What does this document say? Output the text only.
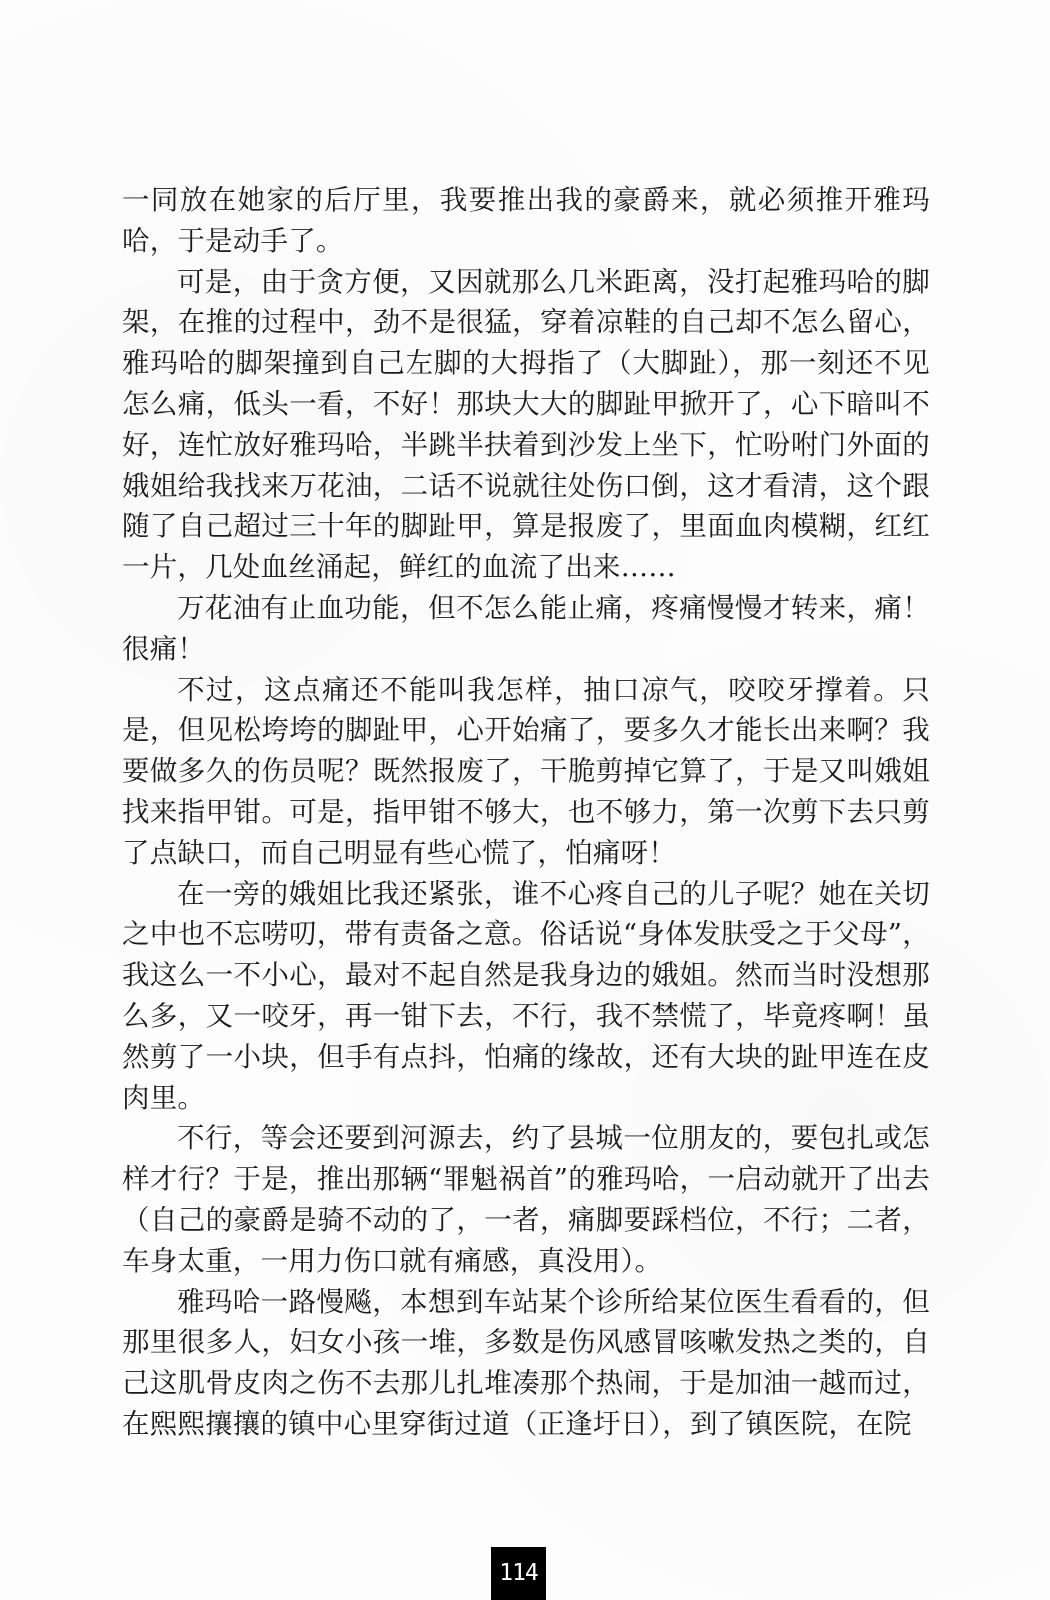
一同放在她家的后厅里，我要推出我的豪爵来，就必须推开雅玛哈，于是动手了。

可是，由于贪方便，又因就那么几米距离，没打起雅玛哈的脚架，在推的过程中，劲不是很猛，穿着凉鞋的自己却不怎么留心，雅玛哈的脚架撞到自己左脚的大拇指了（大脚趾），那一刻还不见怎么痛，低头一看，不好！那块大大的脚趾甲掀开了，心下暗叫不好，连忙放好雅玛哈，半跳半扶着到沙发上坐下，忙吩咐门外面的娥姐给我找来万花油，二话不说就往处伤口倒，这才看清，这个跟随了自己超过三十年的脚趾甲，算是报废了，里面血肉模糊，红红一片，几处血丝涌起，鲜红的血流了出来……

万花油有止血功能，但不怎么能止痛，疼痛慢慢才转来，痛！很痛！

不过，这点痛还不能叫我怎样，抽口凉气，咬咬牙撑着。只是，但见松垮垮的脚趾甲，心开始痛了，要多久才能长出来啊？我要做多久的伤员呢？既然报废了，干脆剪掉它算了，于是又叫娥姐找来指甲钳。可是，指甲钳不够大，也不够力，第一次剪下去只剪了点缺口，而自己明显有些心慌了，怕痛呀！

在一旁的娥姐比我还紧张，谁不心疼自己的儿子呢？她在关切之中也不忘唠叨，带有责备之意。俗话说“身体发肤受之于父母”，我这么一不小心，最对不起自然是我身边的娥姐。然而当时没想那么多，又一咬牙，再一钳下去，不行，我不禁慌了，毕竟疼啊！虽然剪了一小块，但手有点抖，怕痛的缘故，还有大块的趾甲连在皮肉里。

不行，等会还要到河源去，约了县城一位朋友的，要包扎或怎样才行？于是，推出那辆“罪魁祸首”的雅玛哈，一启动就开了出去（自己的豪爵是骑不动的了，一者，痛脚要踩档位，不行；二者，车身太重，一用力伤口就有痛感，真没用）。

雅玛哈一路慢飚，本想到车站某个诊所给某位医生看看的，但那里很多人，妇女小孩一堆，多数是伤风感冒咳嗽发热之类的，自己这肌骨皮肉之伤不去那儿扎堆凑那个热闹，于是加油一越而过，在熙熙攘攘的镇中心里穿街过道（正逢圩日），到了镇医院，在院

114
